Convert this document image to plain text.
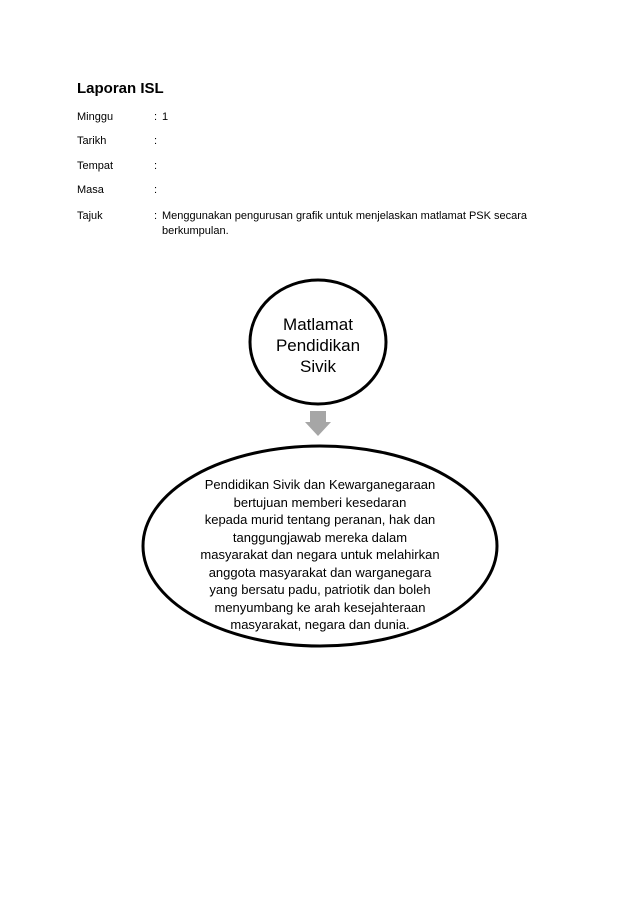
Laporan ISL
Minggu	: 1
Tarikh	:
Tempat	:
Masa	:
Tajuk	: Menggunakan pengurusan grafik untuk menjelaskan matlamat PSK secara berkumpulan.
Matlamat
Pendidikan
Sivik
Pendidikan Sivik dan Kewarganegaraan
bertujuan memberi kesedaran
kepada murid tentang peranan, hak dan
tanggungjawab mereka dalam
masyarakat dan negara untuk melahirkan
anggota masyarakat dan warganegara
yang bersatu padu, patriotik dan boleh
menyumbang ke arah kesejahteraan
masyarakat, negara dan dunia.
